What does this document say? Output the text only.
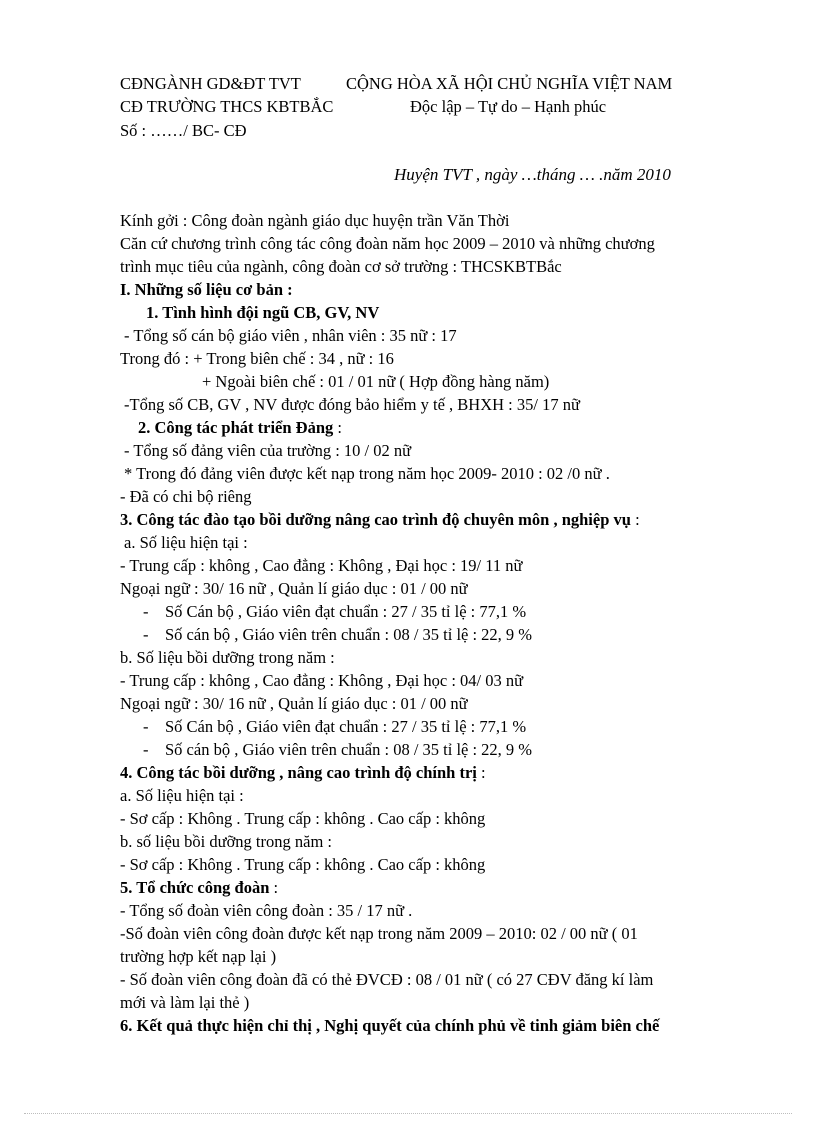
CĐNGÀNH GD&ĐT TVT	CỘNG HÒA XÃ HỘI CHỦ NGHĨA VIỆT NAM
CĐ TRƯỜNG THCS KBTBẮC	Độc lập – Tự do – Hạnh phúc
Số : ……/ BC- CĐ
Huyện TVT , ngày …tháng … .năm 2010
Kính gởi : Công đoàn ngành giáo dục huyện trần Văn Thời
Căn cứ chương trình công tác công đoàn năm học 2009 – 2010 và những chương
trình mục tiêu của ngành, công đoàn cơ sở trường : THCSKBTBắc
I. Những số liệu cơ bản :
1. Tình hình đội ngũ CB, GV, NV
- Tổng số cán bộ giáo viên , nhân viên : 35 nữ : 17
Trong đó : + Trong biên chế : 34 , nữ : 16
+ Ngoài biên chế : 01 / 01 nữ ( Hợp đồng hàng năm)
-Tổng số CB, GV , NV được đóng bảo hiểm y tế , BHXH : 35/ 17 nữ
2. Công tác phát triển Đảng :
- Tổng số đảng viên của trường : 10 / 02 nữ
* Trong đó đảng viên được kết nạp trong năm học 2009- 2010 : 02 /0 nữ .
- Đã có chi bộ riêng
3. Công tác đào tạo bồi dưỡng nâng cao trình độ chuyên môn , nghiệp vụ :
a. Số liệu hiện tại :
- Trung cấp : không , Cao đẳng : Không , Đại học : 19/ 11 nữ
Ngoại ngữ : 30/ 16 nữ , Quản lí giáo dục : 01 / 00 nữ
- Số Cán bộ , Giáo viên đạt chuẩn : 27 / 35 tỉ lệ : 77,1 %
- Số cán bộ , Giáo viên trên chuẩn : 08 / 35 tỉ lệ : 22, 9 %
b. Số liệu bồi dưỡng trong năm :
- Trung cấp : không , Cao đẳng : Không , Đại học : 04/ 03 nữ
Ngoại ngữ : 30/ 16 nữ , Quản lí giáo dục : 01 / 00 nữ
- Số Cán bộ , Giáo viên đạt chuẩn : 27 / 35 tỉ lệ : 77,1 %
- Số cán bộ , Giáo viên trên chuẩn : 08 / 35 tỉ lệ : 22, 9 %
4. Công tác bồi dưỡng , nâng cao trình độ chính trị :
a. Số liệu hiện tại :
- Sơ cấp : Không . Trung cấp : không . Cao cấp : không
b. số liệu bồi dưỡng trong năm :
- Sơ cấp : Không . Trung cấp : không . Cao cấp : không
5. Tổ chức công đoàn :
- Tổng số đoàn viên công đoàn : 35 / 17 nữ .
-Số đoàn viên công đoàn được kết nạp trong năm 2009 – 2010: 02 / 00 nữ ( 01
trường hợp kết nạp lại )
- Số đoàn viên công đoàn đã có thẻ ĐVCĐ : 08 / 01 nữ ( có 27 CĐV đăng kí làm
mới và làm lại thẻ )
6. Kết quả thực hiện chỉ thị , Nghị quyết của chính phủ về tinh giảm biên chế
